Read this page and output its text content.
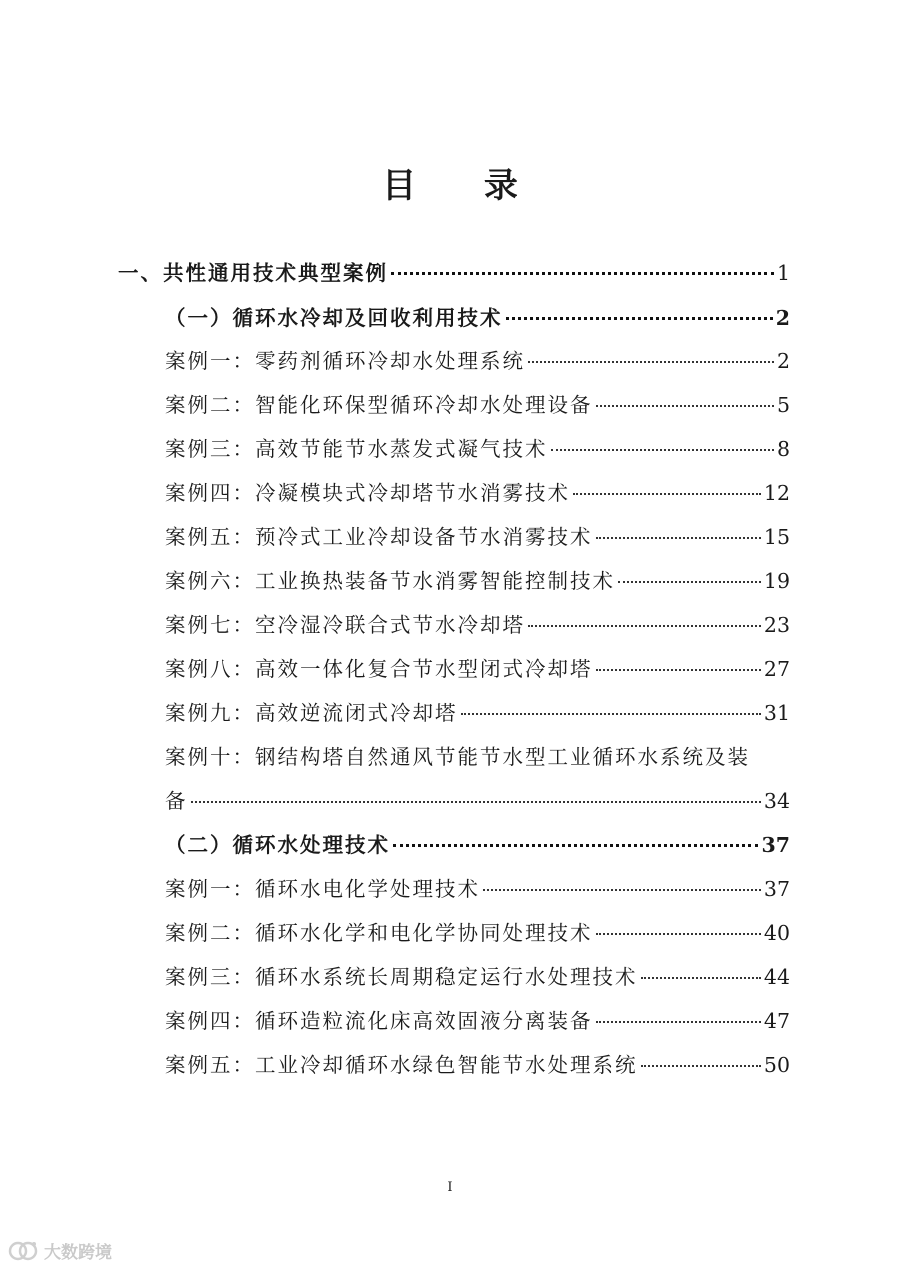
目 录
一、共性通用技术典型案例	1
（一）循环水冷却及回收利用技术	2
案例一：零药剂循环冷却水处理系统	2
案例二：智能化环保型循环冷却水处理设备	5
案例三：高效节能节水蒸发式凝气技术	8
案例四：冷凝模块式冷却塔节水消雾技术	12
案例五：预冷式工业冷却设备节水消雾技术	15
案例六：工业换热装备节水消雾智能控制技术	19
案例七：空冷湿冷联合式节水冷却塔	23
案例八：高效一体化复合节水型闭式冷却塔	27
案例九：高效逆流闭式冷却塔	31
案例十：钢结构塔自然通风节能节水型工业循环水系统及装
备	34
（二）循环水处理技术	37
案例一：循环水电化学处理技术	37
案例二：循环水化学和电化学协同处理技术	40
案例三：循环水系统长周期稳定运行水处理技术	44
案例四：循环造粒流化床高效固液分离装备	47
案例五：工业冷却循环水绿色智能节水处理系统	50
I
大数跨境
